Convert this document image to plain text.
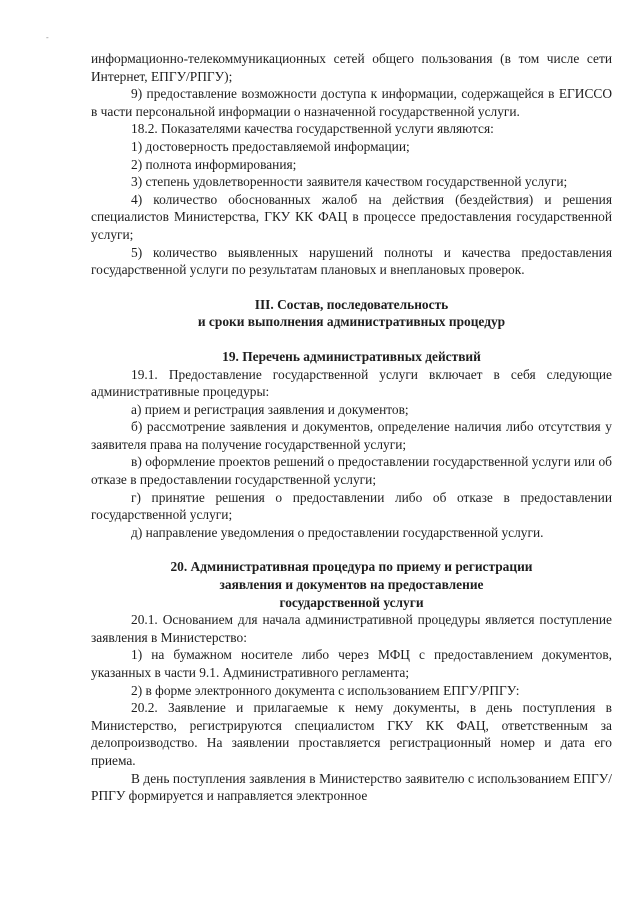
-

информационно-телекоммуникационных сетей общего пользования (в том числе сети Интернет, ЕПГУ/РПГУ);

9) предоставление возможности доступа к информации, содержащейся в ЕГИССО в части персональной информации о назначенной государственной услуги.

18.2. Показателями качества государственной услуги являются:

1) достоверность предоставляемой информации;

2) полнота информирования;

3) степень удовлетворенности заявителя качеством государственной услуги;

4) количество обоснованных жалоб на действия (бездействия) и решения специалистов Министерства, ГКУ КК ФАЦ в процессе предоставления государственной услуги;

5) количество выявленных нарушений полноты и качества предоставления государственной услуги по результатам плановых и внеплановых проверок.

III. Состав, последовательность

и сроки выполнения административных процедур

19. Перечень административных действий

19.1. Предоставление государственной услуги включает в себя следующие административные процедуры:

а) прием и регистрация заявления и документов;

б) рассмотрение заявления и документов, определение наличия либо отсутствия у заявителя права на получение государственной услуги;

в) оформление проектов решений о предоставлении государственной услуги или об отказе в предоставлении государственной услуги;

г) принятие решения о предоставлении либо об отказе в предоставлении государственной услуги;

д) направление уведомления о предоставлении государственной услуги.

20. Административная процедура по приему и регистрации

заявления и документов на предоставление

государственной услуги

20.1. Основанием для начала административной процедуры является поступление заявления в Министерство:

1) на бумажном носителе либо через МФЦ с предоставлением документов, указанных в части 9.1. Административного регламента;

2) в форме электронного документа с использованием ЕПГУ/РПГУ:

20.2. Заявление и прилагаемые к нему документы, в день поступления в Министерство, регистрируются специалистом ГКУ КК ФАЦ, ответственным за делопроизводство. На заявлении проставляется регистрационный номер и дата его приема.

В день поступления заявления в Министерство заявителю с использованием ЕПГУ/РПГУ формируется и направляется электронное
